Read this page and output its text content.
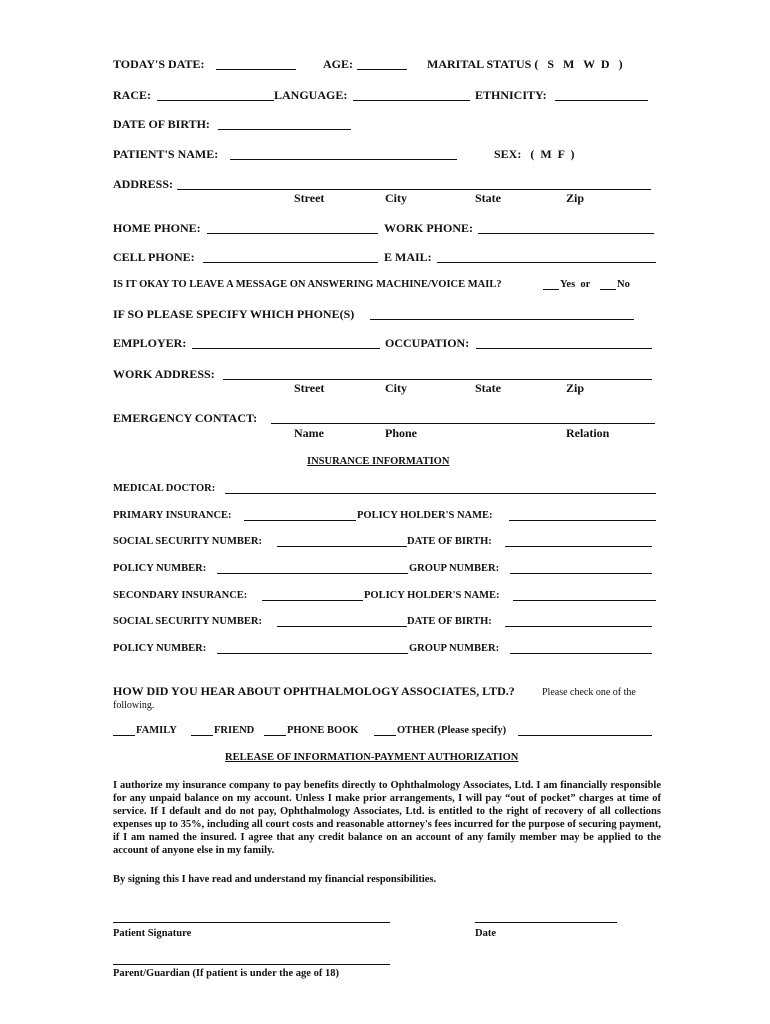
TODAY'S DATE:	AGE:	MARITAL STATUS (   S   M   W  D   )
RACE:	LANGUAGE:	ETHNICITY:
DATE OF BIRTH:
PATIENT'S NAME:	SEX:   (  M  F  )
ADDRESS:
Street	City	State	Zip
HOME PHONE:	WORK PHONE:
CELL PHONE:	E MAIL:
IS IT OKAY TO LEAVE A MESSAGE ON ANSWERING MACHINE/VOICE MAIL?	Yes  or	No
IF SO PLEASE SPECIFY WHICH PHONE(S)
EMPLOYER:	OCCUPATION:
WORK ADDRESS:
Street	City	State	Zip
EMERGENCY CONTACT:
Name	Phone	Relation
INSURANCE INFORMATION
MEDICAL DOCTOR:
PRIMARY INSURANCE:	POLICY HOLDER'S NAME:
SOCIAL SECURITY NUMBER:	DATE OF BIRTH:
POLICY NUMBER:	GROUP NUMBER:
SECONDARY INSURANCE:	POLICY HOLDER'S NAME:
SOCIAL SECURITY NUMBER:	DATE OF BIRTH:
POLICY NUMBER:	GROUP NUMBER:
HOW DID YOU HEAR ABOUT OPHTHALMOLOGY ASSOCIATES, LTD.?	Please check one of the
following.
FAMILY	FRIEND	PHONE BOOK	OTHER (Please specify)
RELEASE OF INFORMATION-PAYMENT AUTHORIZATION
I authorize my insurance company to pay benefits directly to Ophthalmology Associates, Ltd. I am financially responsible for any unpaid balance on my account. Unless I make prior arrangements, I will pay “out of pocket” charges at time of service. If I default and do not pay, Ophthalmology Associates, Ltd. is entitled to the right of recovery of all collections expenses up to 35%, including all court costs and reasonable attorney's fees incurred for the purpose of securing payment, if I am named the insured. I agree that any credit balance on an account of any family member may be applied to the account of anyone else in my family.
By signing this I have read and understand my financial responsibilities.
Patient Signature	Date
Parent/Guardian (If patient is under the age of 18)
